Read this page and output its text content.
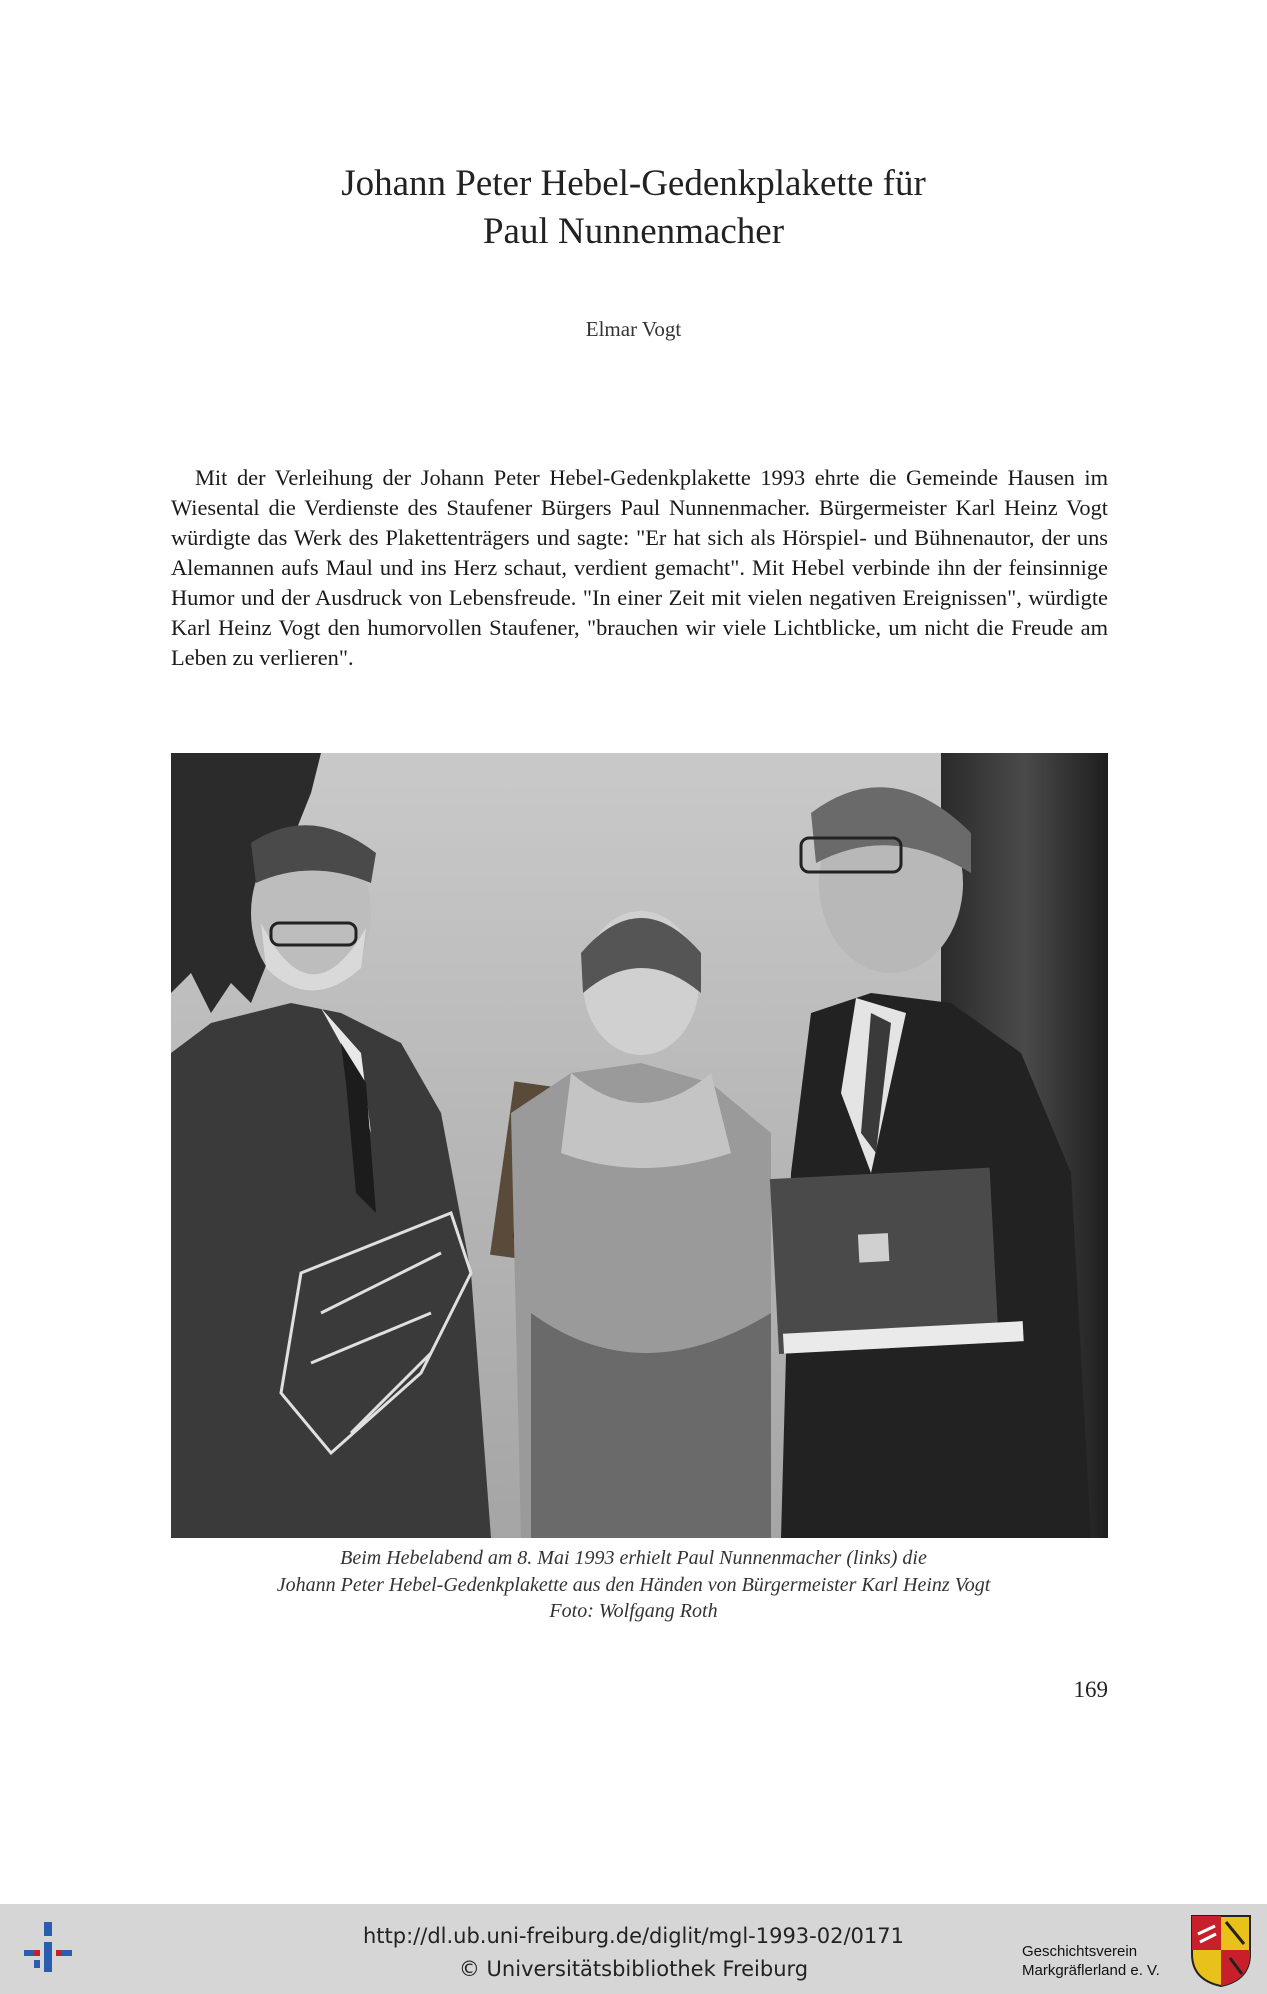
Johann Peter Hebel-Gedenkplakette für
Paul Nunnenmacher
Elmar Vogt
Mit der Verleihung der Johann Peter Hebel-Gedenkplakette 1993 ehrte die Gemeinde Hausen im Wiesental die Verdienste des Staufener Bürgers Paul Nunnenmacher. Bürgermeister Karl Heinz Vogt würdigte das Werk des Plakettenträgers und sagte: "Er hat sich als Hörspiel- und Bühnenautor, der uns Alemannen aufs Maul und ins Herz schaut, verdient gemacht". Mit Hebel verbinde ihn der feinsinnige Humor und der Ausdruck von Lebensfreude. "In einer Zeit mit vielen negativen Ereignissen", würdigte Karl Heinz Vogt den humorvollen Staufener, "brauchen wir viele Lichtblicke, um nicht die Freude am Leben zu verlieren".
Beim Hebelabend am 8. Mai 1993 erhielt Paul Nunnenmacher (links) die
Johann Peter Hebel-Gedenkplakette aus den Händen von Bürgermeister Karl Heinz Vogt
Foto: Wolfgang Roth
169
http://dl.ub.uni-freiburg.de/diglit/mgl-1993-02/0171
© Universitätsbibliothek Freiburg
Geschichtsverein
Markgräflerland e. V.
